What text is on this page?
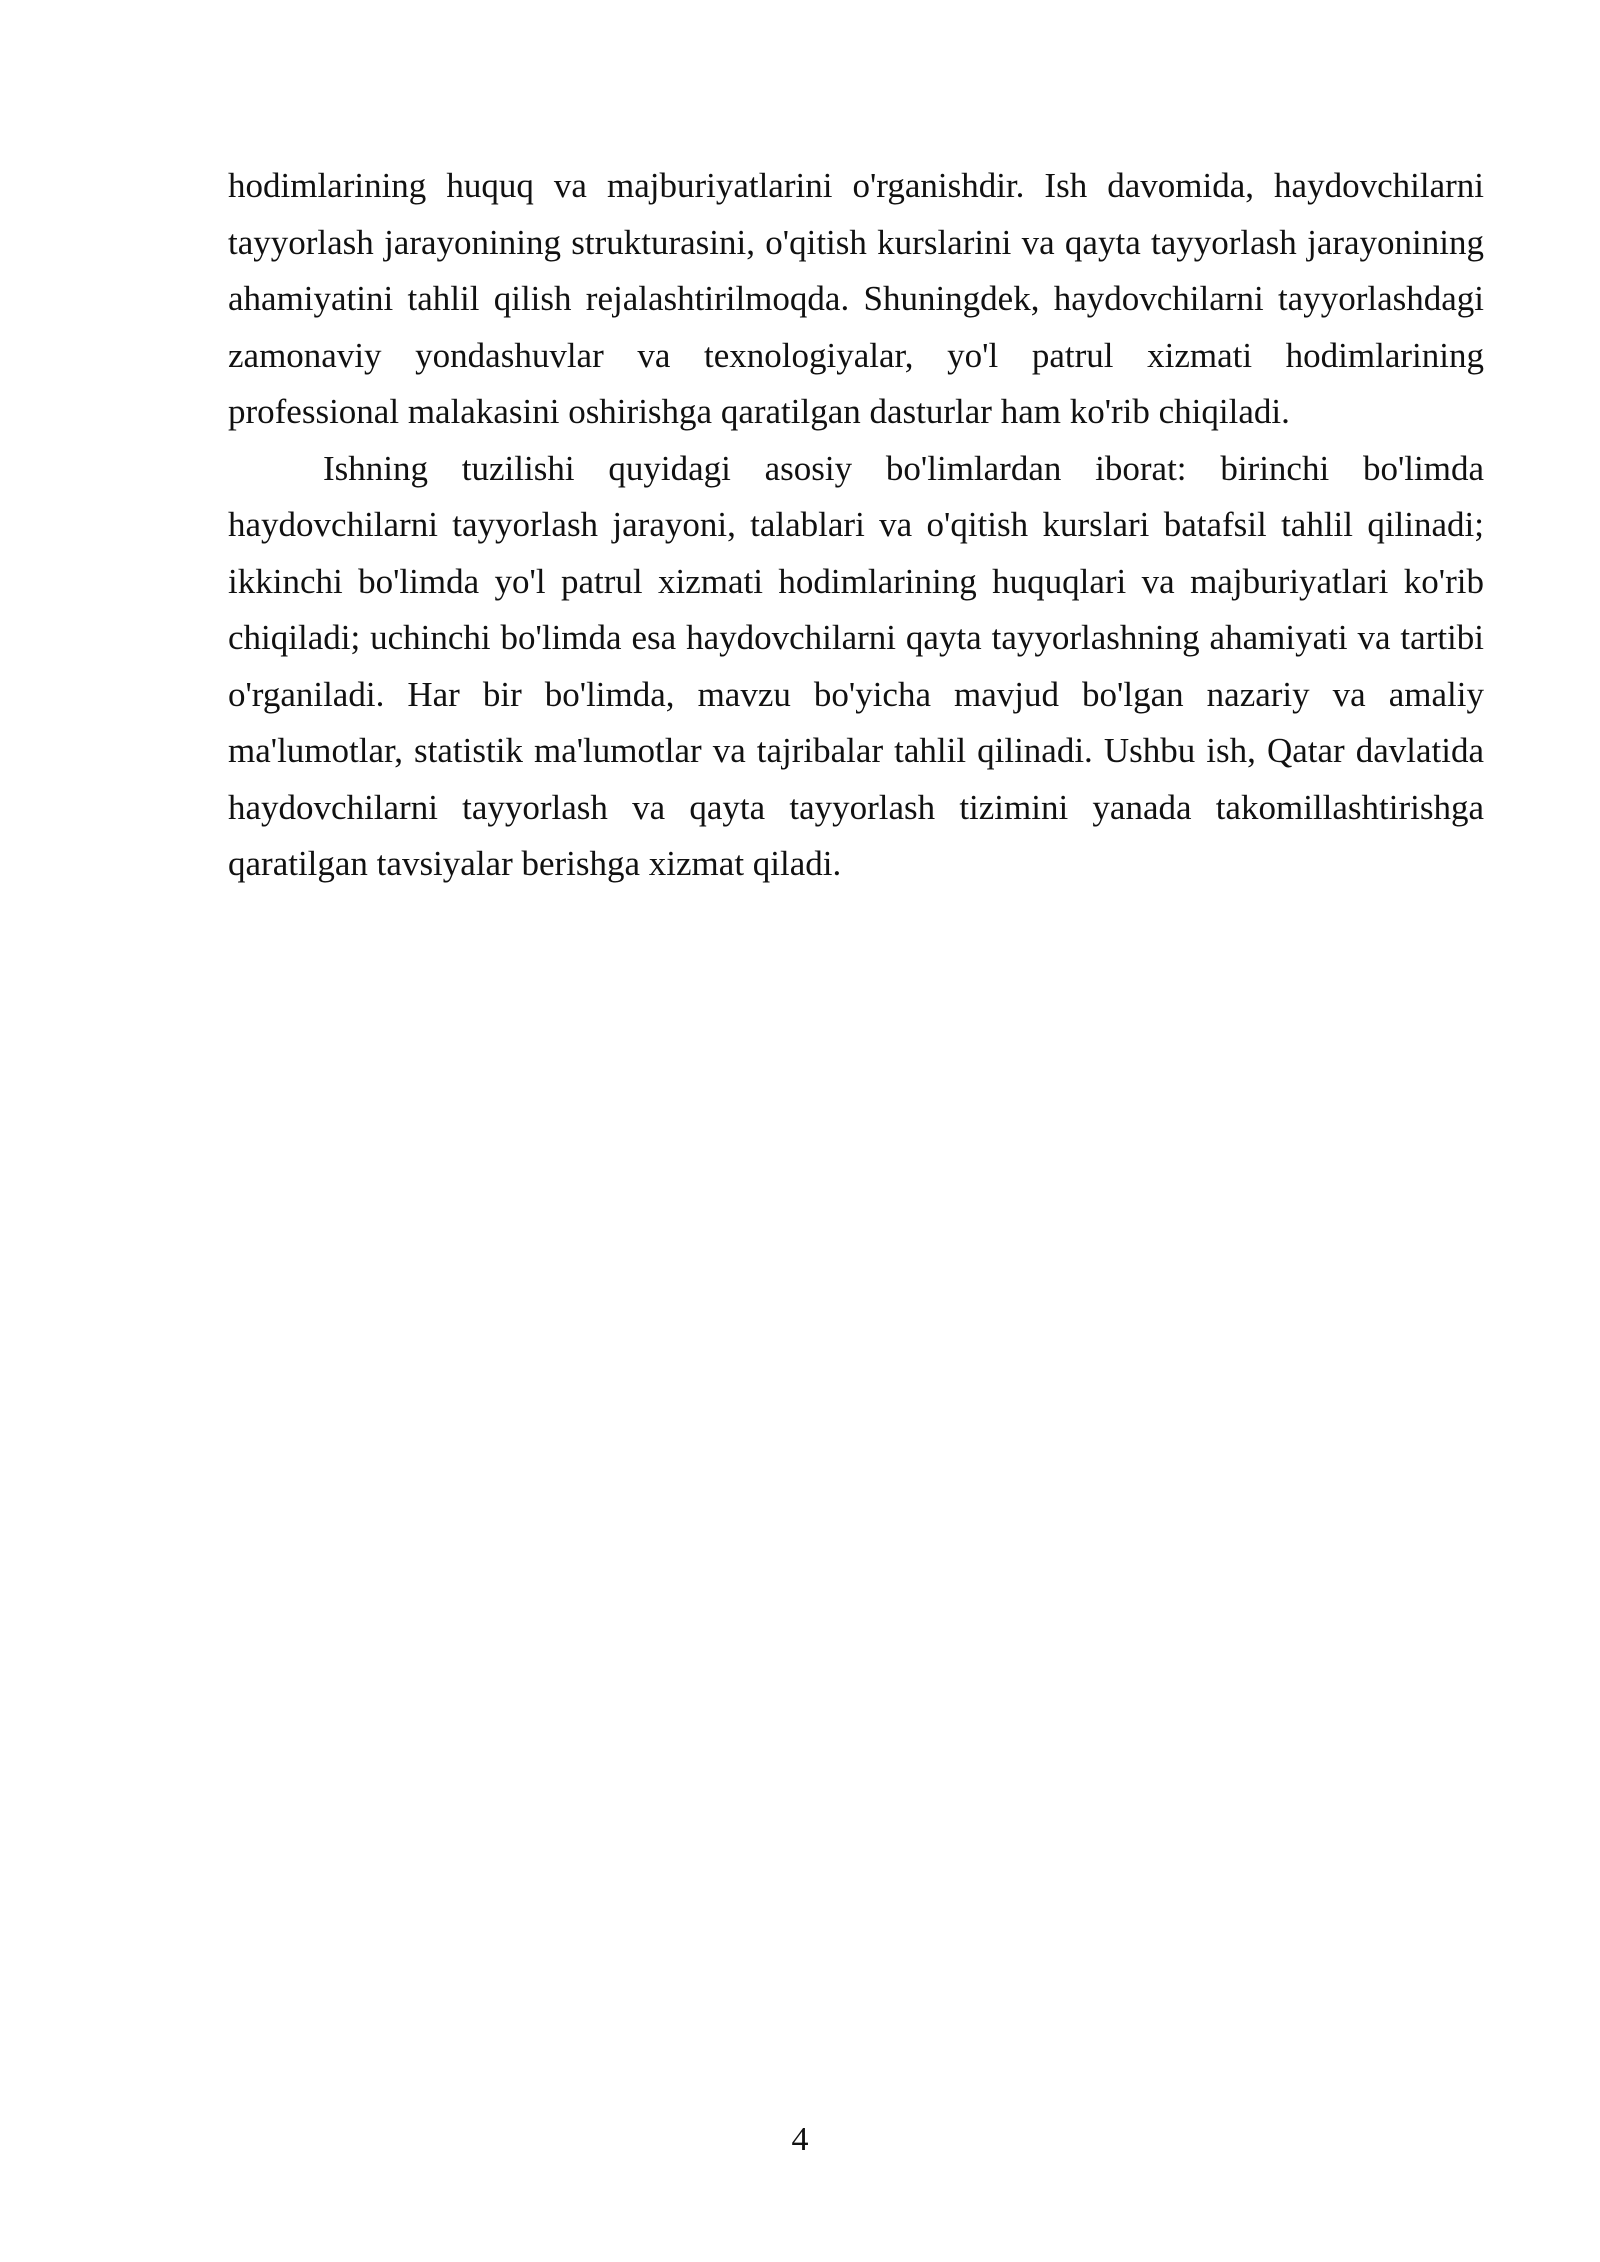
hodimlarining huquq va majburiyatlarini o'rganishdir. Ish davomida, haydovchilarni tayyorlash jarayonining strukturasini, o'qitish kurslarini va qayta tayyorlash jarayonining ahamiyatini tahlil qilish rejalashtirilmoqda. Shuningdek, haydovchilarni tayyorlashdagi zamonaviy yondashuvlar va texnologiyalar, yo'l patrul xizmati hodimlarining professional malakasini oshirishga qaratilgan dasturlar ham ko'rib chiqiladi.

Ishning tuzilishi quyidagi asosiy bo'limlardan iborat: birinchi bo'limda haydovchilarni tayyorlash jarayoni, talablari va o'qitish kurslari batafsil tahlil qilinadi; ikkinchi bo'limda yo'l patrul xizmati hodimlarining huquqlari va majburiyatlari ko'rib chiqiladi; uchinchi bo'limda esa haydovchilarni qayta tayyorlashning ahamiyati va tartibi o'rganiladi. Har bir bo'limda, mavzu bo'yicha mavjud bo'lgan nazariy va amaliy ma'lumotlar, statistik ma'lumotlar va tajribalar tahlil qilinadi. Ushbu ish, Qatar davlatida haydovchilarni tayyorlash va qayta tayyorlash tizimini yanada takomillashtirishga qaratilgan tavsiyalar berishga xizmat qiladi.

4
